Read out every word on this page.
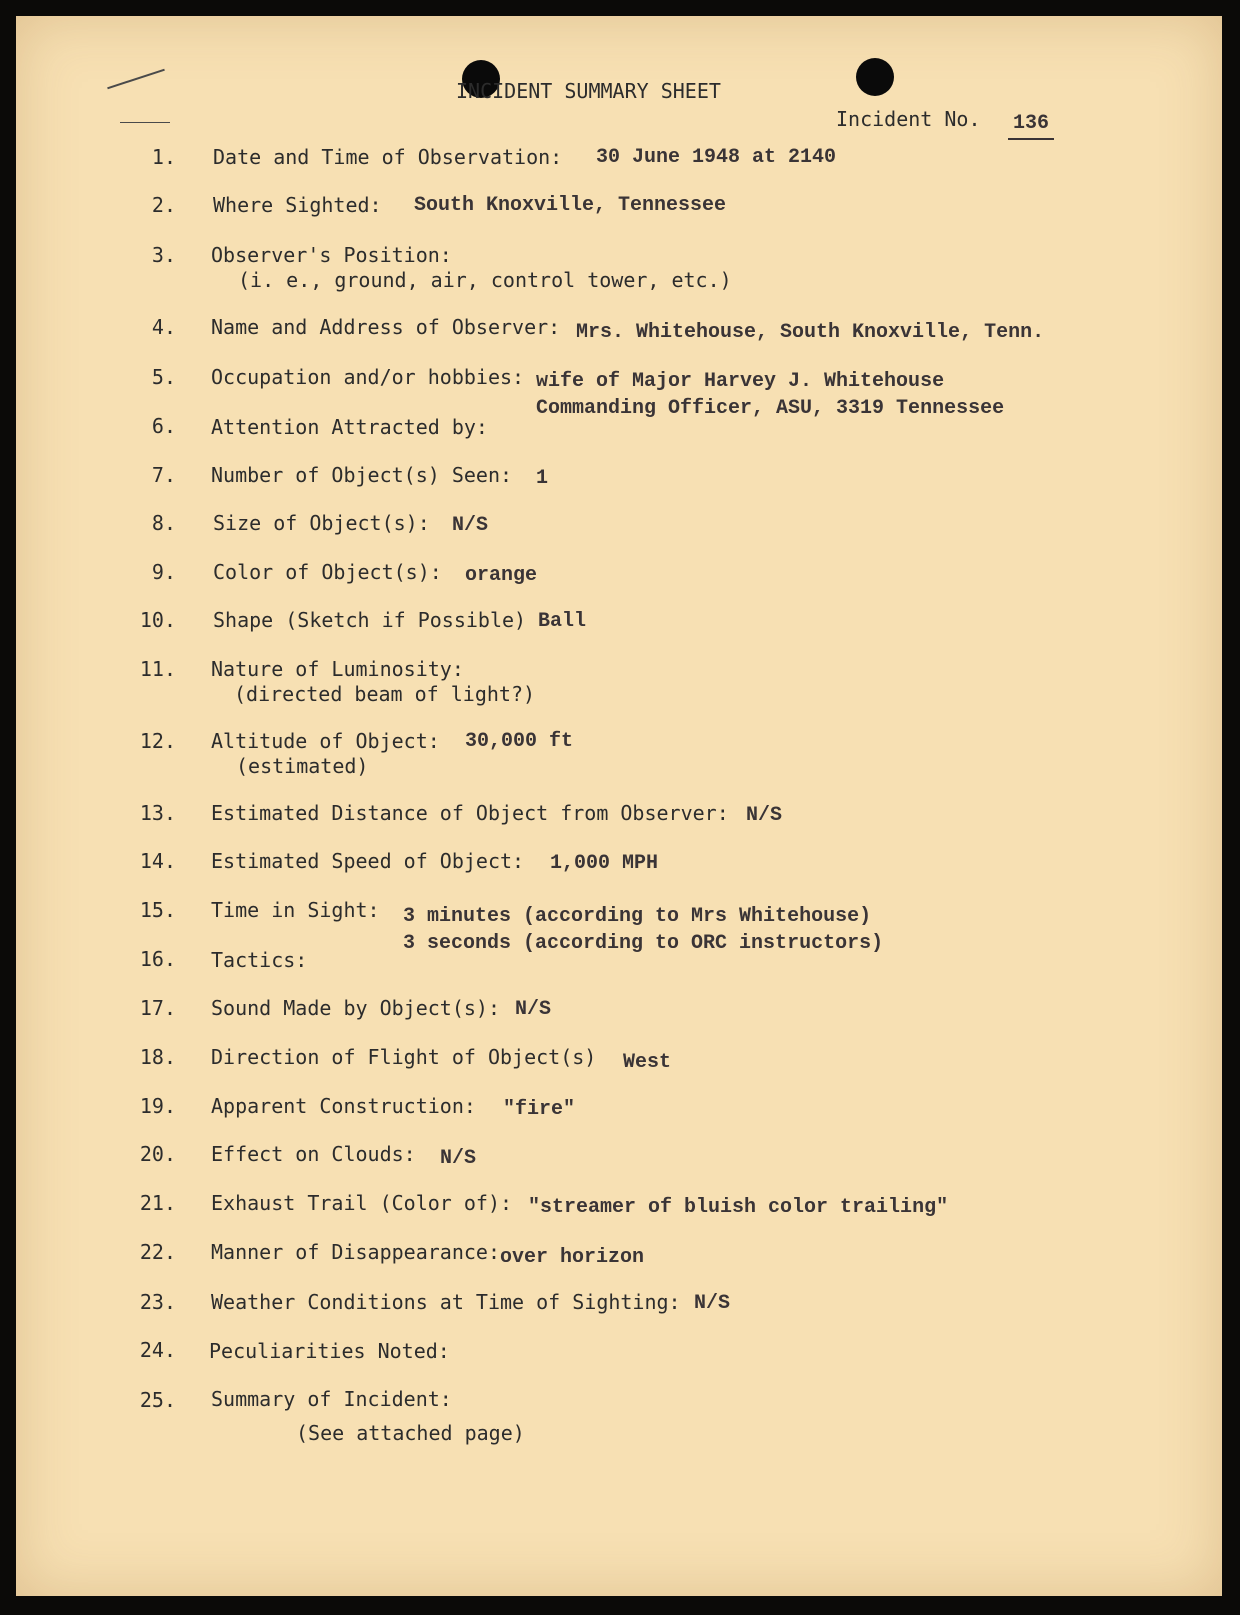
INCIDENT SUMMARY SHEET
Incident No. 136
1. Date and Time of Observation: 30 June 1948 at 2140
2. Where Sighted: South Knoxville, Tennessee
3. Observer's Position:
(i. e., ground, air, control tower, etc.)
4. Name and Address of Observer: Mrs. Whitehouse, South Knoxville, Tenn.
5. Occupation and/or hobbies: wife of Major Harvey J. Whitehouse
Commanding Officer, ASU, 3319 Tennessee
6. Attention Attracted by:
7. Number of Object(s) Seen: 1
8. Size of Object(s): N/S
9. Color of Object(s): orange
10. Shape (Sketch if Possible) Ball
11. Nature of Luminosity:
(directed beam of light?)
12. Altitude of Object:
(estimated)
30,000 ft
13. Estimated Distance of Object from Observer: N/S
14. Estimated Speed of Object: 1,000 MPH
15. Time in Sight: 3 minutes (according to Mrs Whitehouse)
3 seconds (according to ORC instructors)
16. Tactics:
17. Sound Made by Object(s): N/S
18. Direction of Flight of Object(s) West
19. Apparent Construction: "fire"
20. Effect on Clouds: N/S
21. Exhaust Trail (Color of): "streamer of bluish color trailing"
22. Manner of Disappearance: over horizon
23. Weather Conditions at Time of Sighting: N/S
24. Peculiarities Noted:
25. Summary of Incident:
(See attached page)
